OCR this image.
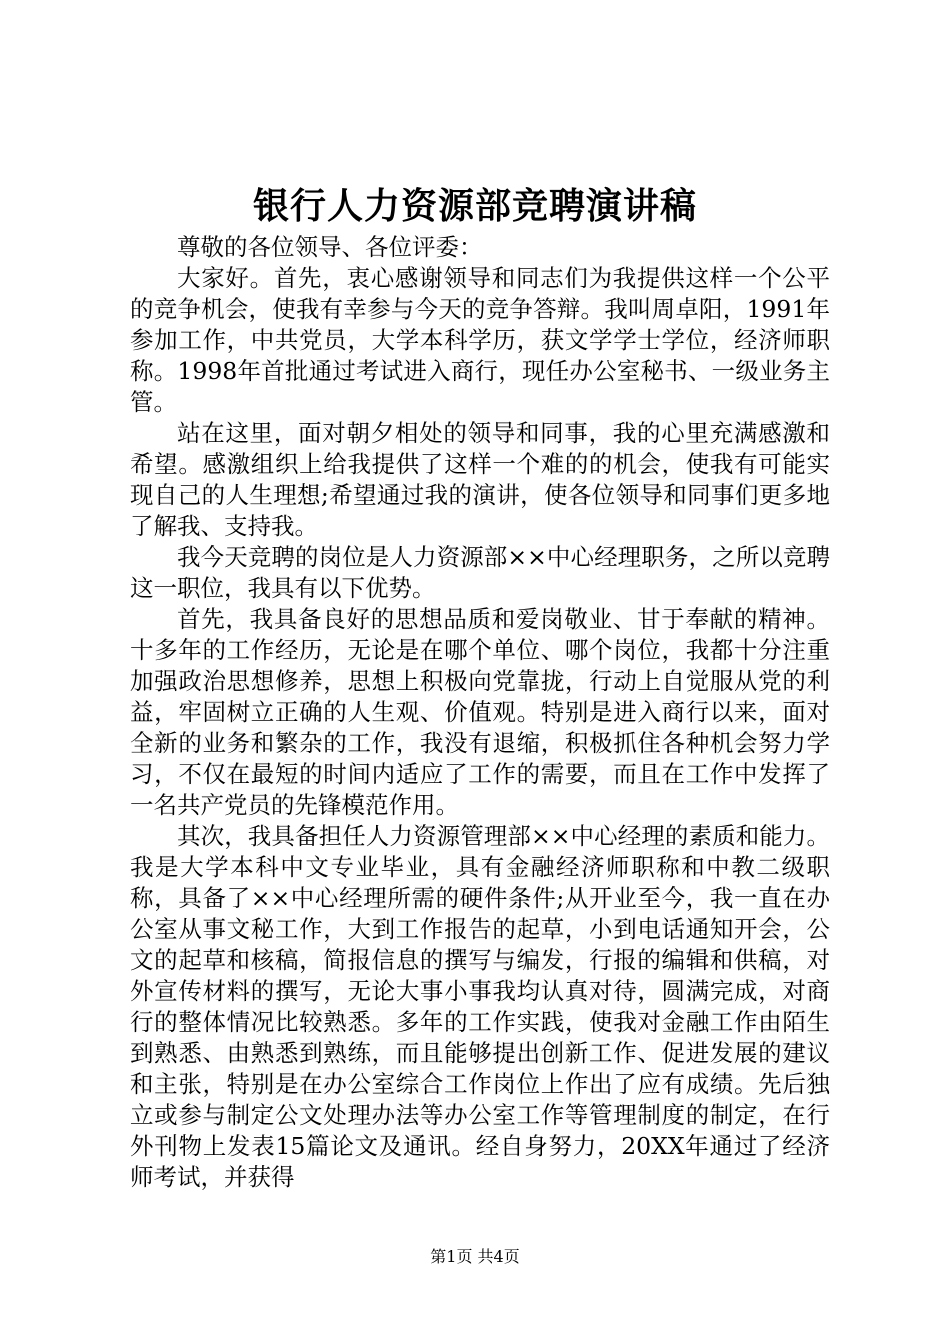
银行人力资源部竞聘演讲稿

尊敬的各位领导、各位评委：

大家好。首先，衷心感谢领导和同志们为我提供这样一个公平的竞争机会，使我有幸参与今天的竞争答辩。我叫周卓阳，1991年参加工作，中共党员，大学本科学历，获文学学士学位，经济师职称。1998年首批通过考试进入商行，现任办公室秘书、一级业务主管。

站在这里，面对朝夕相处的领导和同事，我的心里充满感激和希望。感激组织上给我提供了这样一个难的的机会，使我有可能实现自己的人生理想;希望通过我的演讲，使各位领导和同事们更多地了解我、支持我。

我今天竞聘的岗位是人力资源部××中心经理职务，之所以竞聘这一职位，我具有以下优势。

首先，我具备良好的思想品质和爱岗敬业、甘于奉献的精神。十多年的工作经历，无论是在哪个单位、哪个岗位，我都十分注重加强政治思想修养，思想上积极向党靠拢，行动上自觉服从党的利益，牢固树立正确的人生观、价值观。特别是进入商行以来，面对全新的业务和繁杂的工作，我没有退缩，积极抓住各种机会努力学习，不仅在最短的时间内适应了工作的需要，而且在工作中发挥了一名共产党员的先锋模范作用。

其次，我具备担任人力资源管理部××中心经理的素质和能力。我是大学本科中文专业毕业，具有金融经济师职称和中教二级职称，具备了××中心经理所需的硬件条件;从开业至今，我一直在办公室从事文秘工作，大到工作报告的起草，小到电话通知开会，公文的起草和核稿，简报信息的撰写与编发，行报的编辑和供稿，对外宣传材料的撰写，无论大事小事我均认真对待，圆满完成，对商行的整体情况比较熟悉。多年的工作实践，使我对金融工作由陌生到熟悉、由熟悉到熟练，而且能够提出创新工作、促进发展的建议和主张，特别是在办公室综合工作岗位上作出了应有成绩。先后独立或参与制定公文处理办法等办公室工作等管理制度的制定，在行外刊物上发表15篇论文及通讯。经自身努力，20XX年通过了经济师考试，并获得

第1页 共4页
